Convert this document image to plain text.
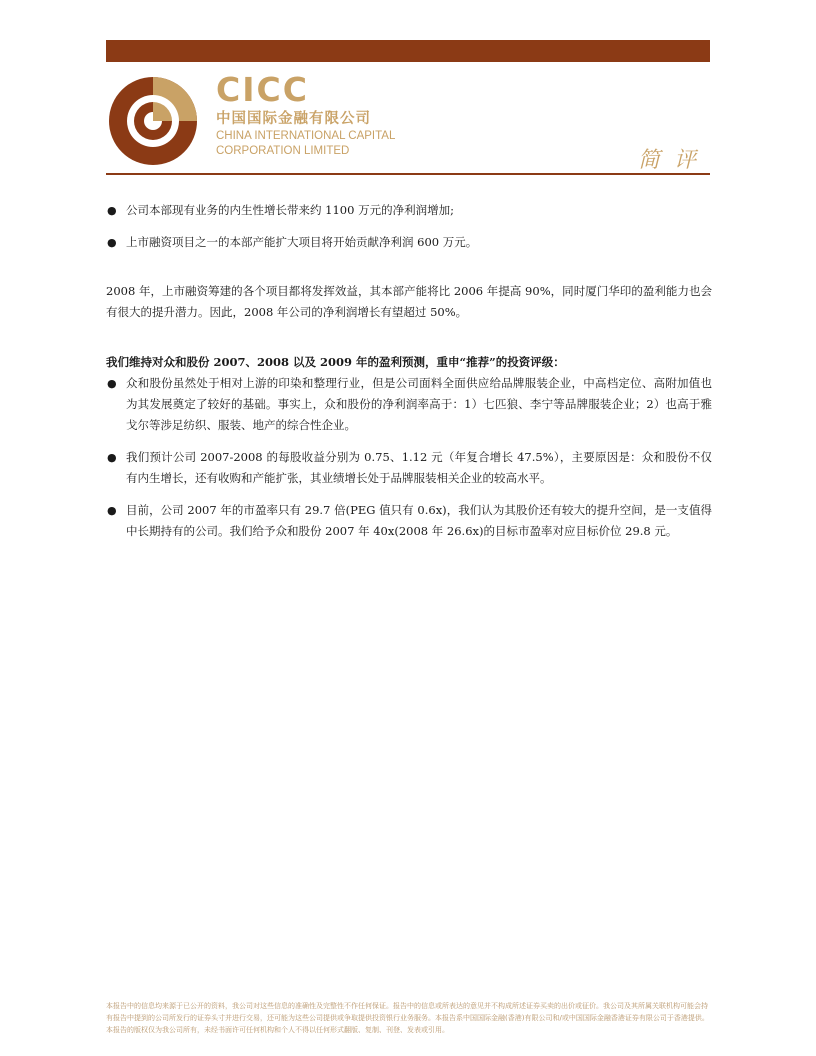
CICC
中国国际金融有限公司
CHINA INTERNATIONAL CAPITAL
CORPORATION LIMITED	简评
● 公司本部现有业务的内生性增长带来约 1100 万元的净利润增加;
● 上市融资项目之一的本部产能扩大项目将开始贡献净利润 600 万元。

2008 年，上市融资筹建的各个项目都将发挥效益，其本部产能将比 2006 年提高 90%，同时厦门华印的盈利能力也会有很大的提升潜力。因此，2008 年公司的净利润增长有望超过 50%。

我们维持对众和股份 2007、2008 以及 2009 年的盈利预测，重申“推荐”的投资评级：

● 众和股份虽然处于相对上游的印染和整理行业，但是公司面料全面供应给品牌服装企业，中高档定位、高附加值也为其发展奠定了较好的基础。事实上，众和股份的净利润率高于：1）七匹狼、李宁等品牌服装企业；2）也高于雅戈尔等涉足纺织、服装、地产的综合性企业。
● 我们预计公司 2007-2008 的每股收益分别为 0.75、1.12 元（年复合增长 47.5%），主要原因是：众和股份不仅有内生增长，还有收购和产能扩张，其业绩增长处于品牌服装相关企业的较高水平。
● 目前，公司 2007 年的市盈率只有 29.7 倍(PEG 值只有 0.6x)，我们认为其股价还有较大的提升空间，是一支值得中长期持有的公司。我们给予众和股份 2007 年 40x(2008 年 26.6x)的目标市盈率对应目标价位 29.8 元。
本报告中的信息均来源于已公开的资料，我公司对这些信息的准确性及完整性不作任何保证。报告中的信息或所表达的意见并不构成所述证券买卖的出价或征价。我公司及其所属关联机构可能会持有报告中提到的公司所发行的证券头寸并进行交易，还可能为这些公司提供或争取提供投资银行业务服务。本报告系中国国际金融(香港)有限公司和/或中国国际金融香港证券有限公司于香港提供。本报告的版权仅为我公司所有，未经书面许可任何机构和个人不得以任何形式翻版、复制、刊登、发表或引用。
